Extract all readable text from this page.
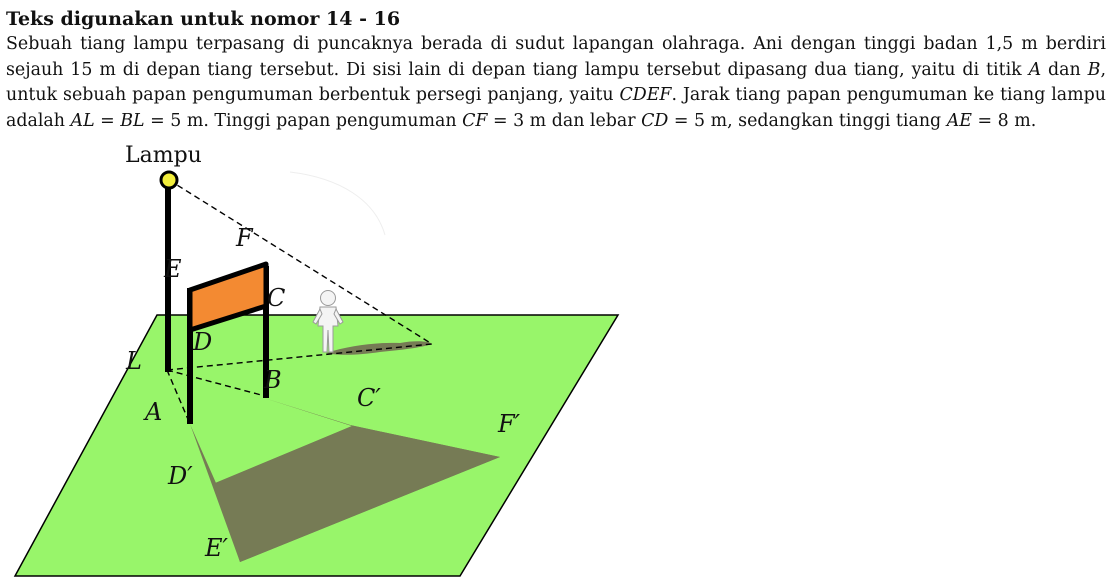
Teks digunakan untuk nomor 14 - 16

Sebuah tiang lampu terpasang di puncaknya berada di sudut lapangan olahraga. Ani dengan tinggi badan 1,5 m berdiri sejauh 15 m di depan tiang tersebut. Di sisi lain di depan tiang lampu tersebut dipasang dua tiang, yaitu di titik A dan B, untuk sebuah papan pengumuman berbentuk persegi panjang, yaitu CDEF. Jarak tiang papan pengumuman ke tiang lampu adalah AL = BL = 5 m. Tinggi papan pengumuman CF = 3 m dan lebar CD = 5 m, sedangkan tinggi tiang AE = 8 m.

Lampu
F
E
C
D
L
B
A	C′
F′
D′
E′
